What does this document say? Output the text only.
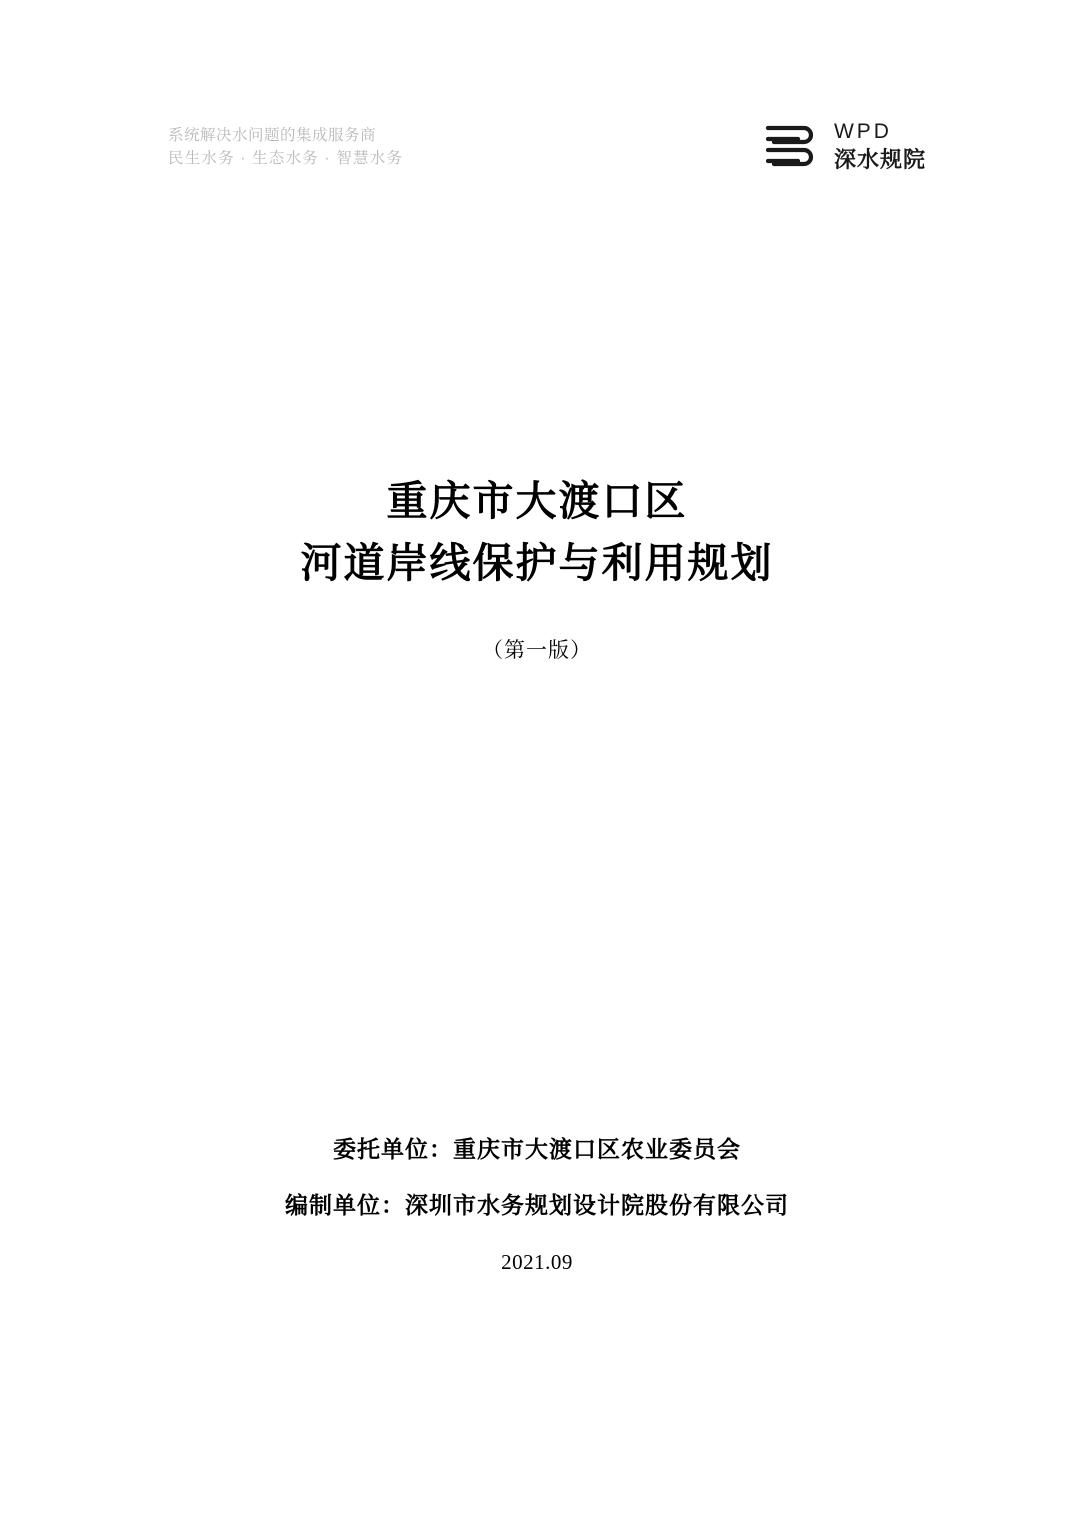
系统解决水问题的集成服务商
民生水务 · 生态水务 · 智慧水务
WPD
深水规院
重庆市大渡口区
河道岸线保护与利用规划
（第一版）
委托单位：重庆市大渡口区农业委员会
编制单位：深圳市水务规划设计院股份有限公司
2021.09
